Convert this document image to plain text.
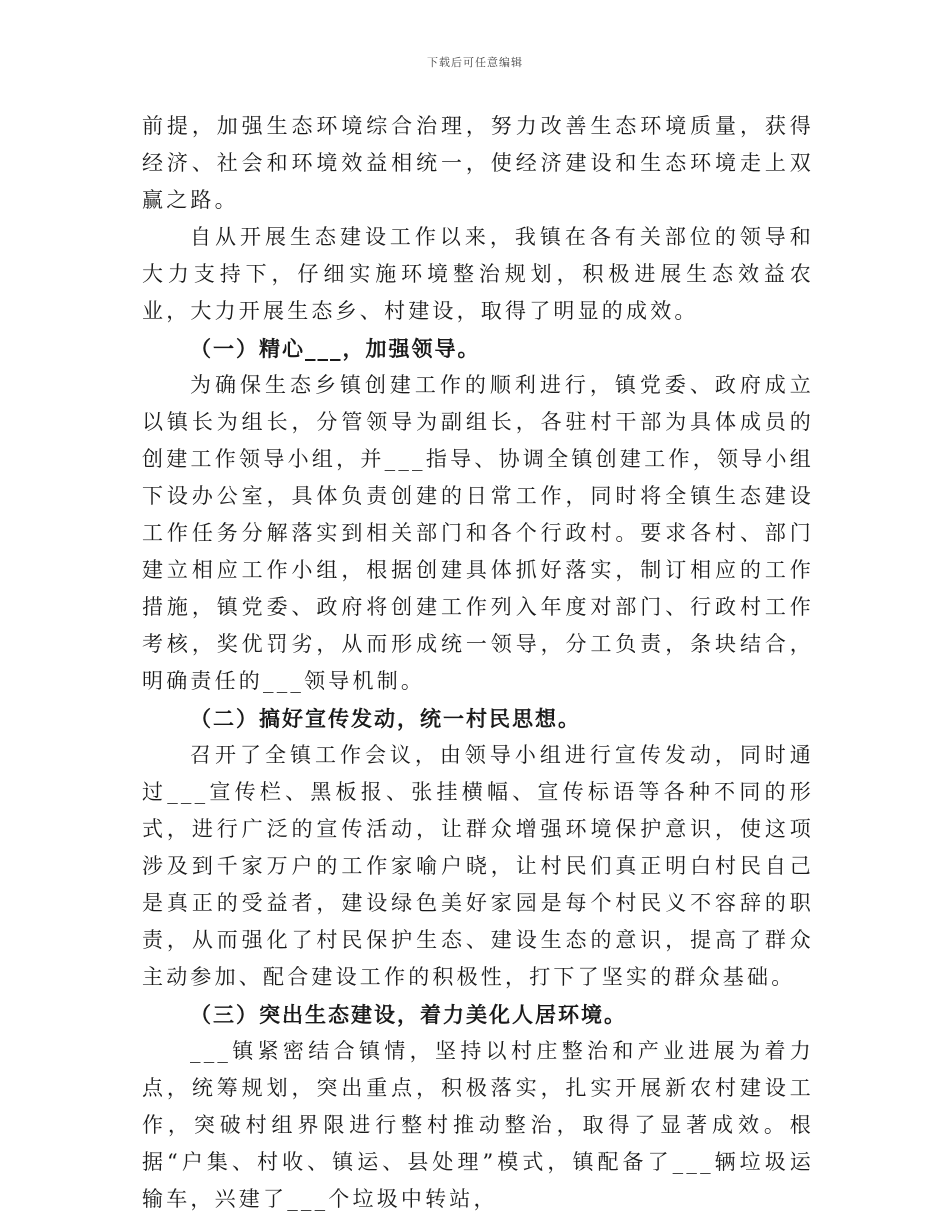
下载后可任意编辑

前提，加强生态环境综合治理，努力改善生态环境质量，获得经济、社会和环境效益相统一，使经济建设和生态环境走上双赢之路。

自从开展生态建设工作以来，我镇在各有关部位的领导和大力支持下，仔细实施环境整治规划，积极进展生态效益农业，大力开展生态乡、村建设，取得了明显的成效。

（一）精心___，加强领导。

为确保生态乡镇创建工作的顺利进行，镇党委、政府成立以镇长为组长，分管领导为副组长，各驻村干部为具体成员的创建工作领导小组，并___指导、协调全镇创建工作，领导小组下设办公室，具体负责创建的日常工作，同时将全镇生态建设工作任务分解落实到相关部门和各个行政村。要求各村、部门建立相应工作小组，根据创建具体抓好落实，制订相应的工作措施，镇党委、政府将创建工作列入年度对部门、行政村工作考核，奖优罚劣，从而形成统一领导，分工负责，条块结合，明确责任的___领导机制。

（二）搞好宣传发动，统一村民思想。

召开了全镇工作会议，由领导小组进行宣传发动，同时通过___宣传栏、黑板报、张挂横幅、宣传标语等各种不同的形式，进行广泛的宣传活动，让群众增强环境保护意识，使这项涉及到千家万户的工作家喻户晓，让村民们真正明白村民自己是真正的受益者，建设绿色美好家园是每个村民义不容辞的职责，从而强化了村民保护生态、建设生态的意识，提高了群众主动参加、配合建设工作的积极性，打下了坚实的群众基础。

（三）突出生态建设，着力美化人居环境。

___镇紧密结合镇情，坚持以村庄整治和产业进展为着力点，统筹规划，突出重点，积极落实，扎实开展新农村建设工作，突破村组界限进行整村推动整治，取得了显著成效。根据“户集、村收、镇运、县处理”模式，镇配备了___辆垃圾运输车，兴建了___个垃圾中转站，
